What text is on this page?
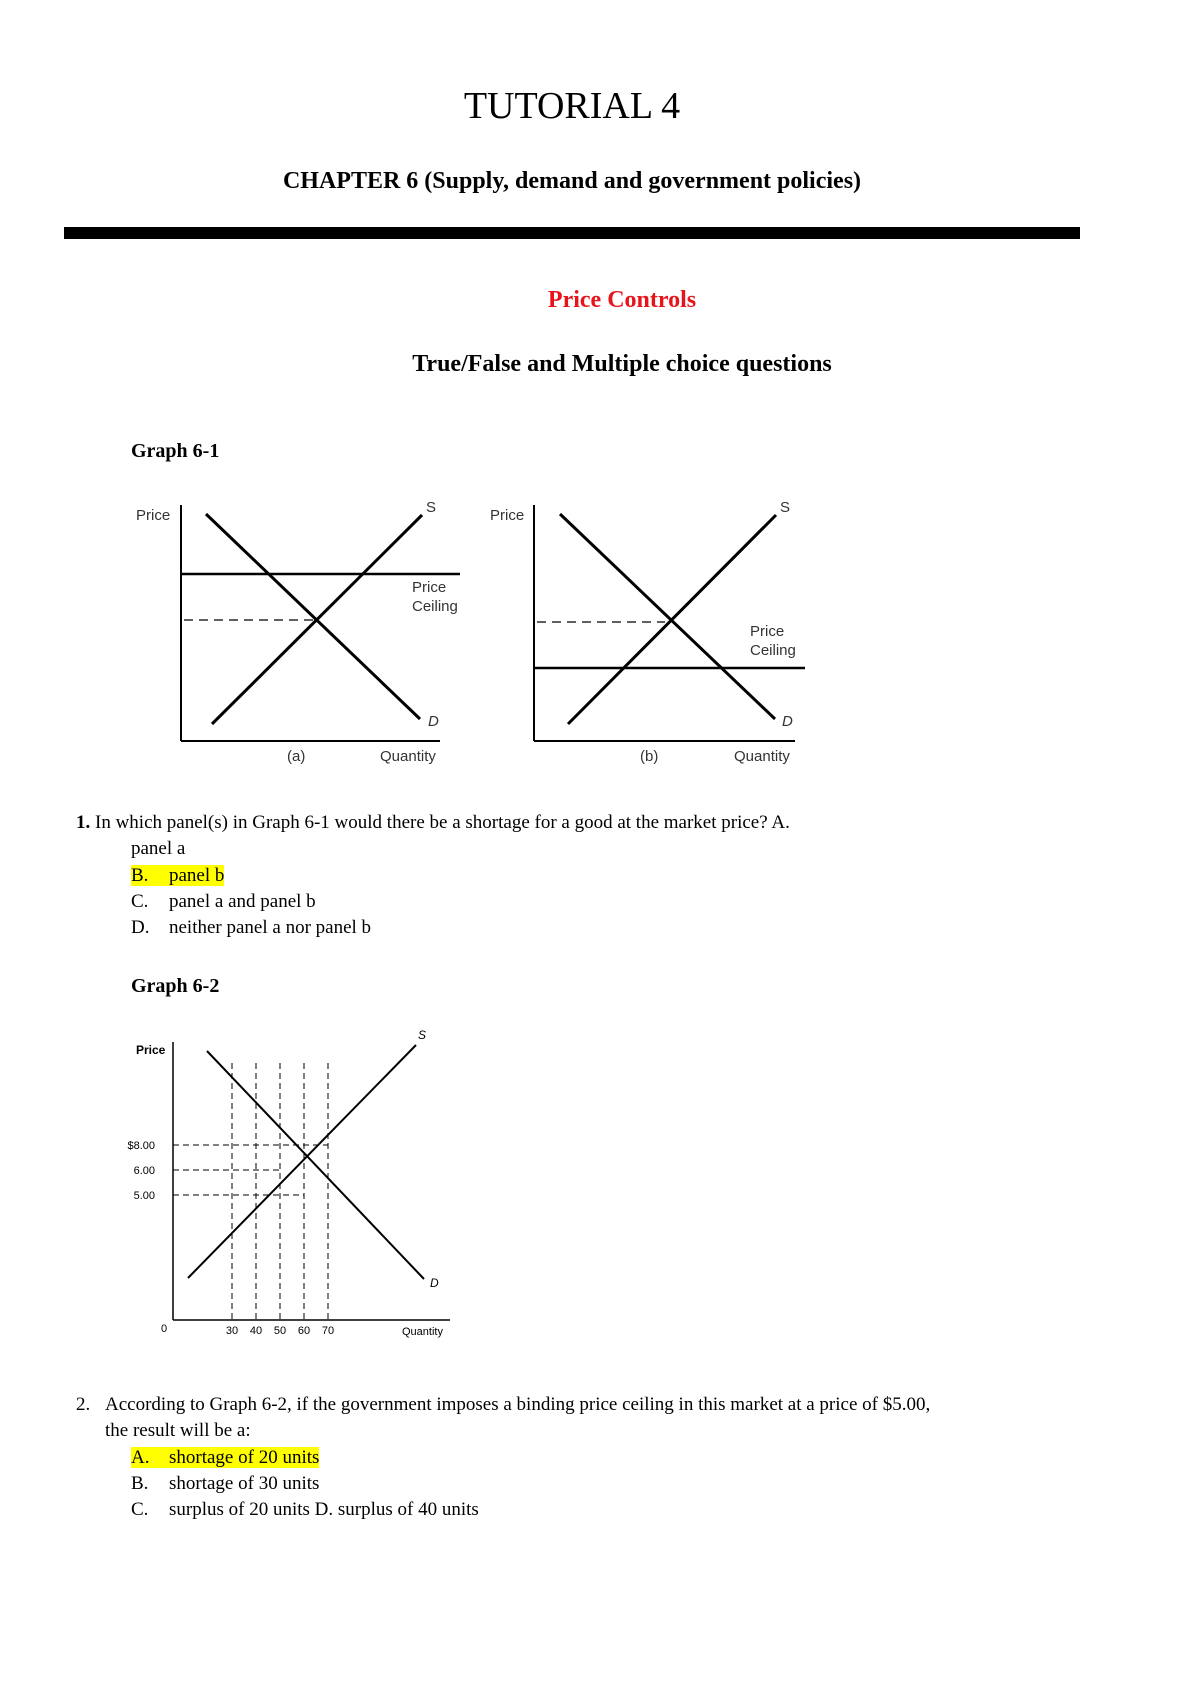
TUTORIAL 4
CHAPTER 6 (Supply, demand and government policies)
Price Controls
True/False and Multiple choice questions
Graph 6-1
Price	S
D
Price
Ceiling
(a)	Quantity
Price	S
D
Price
Ceiling
(b)	Quantity
1. In which panel(s) in Graph 6-1 would there be a shortage for a good at the market price? A.
panel a
B. panel b
C. panel a and panel b
D. neither panel a nor panel b
Graph 6-2
Price
Quantity
0
S
D
30 40 50 60 70
$8.00
6.00
5.00
2. According to Graph 6-2, if the government imposes a binding price ceiling in this market at a price of $5.00,
the result will be a:
A. shortage of 20 units
B. shortage of 30 units
C. surplus of 20 units D. surplus of 40 units
